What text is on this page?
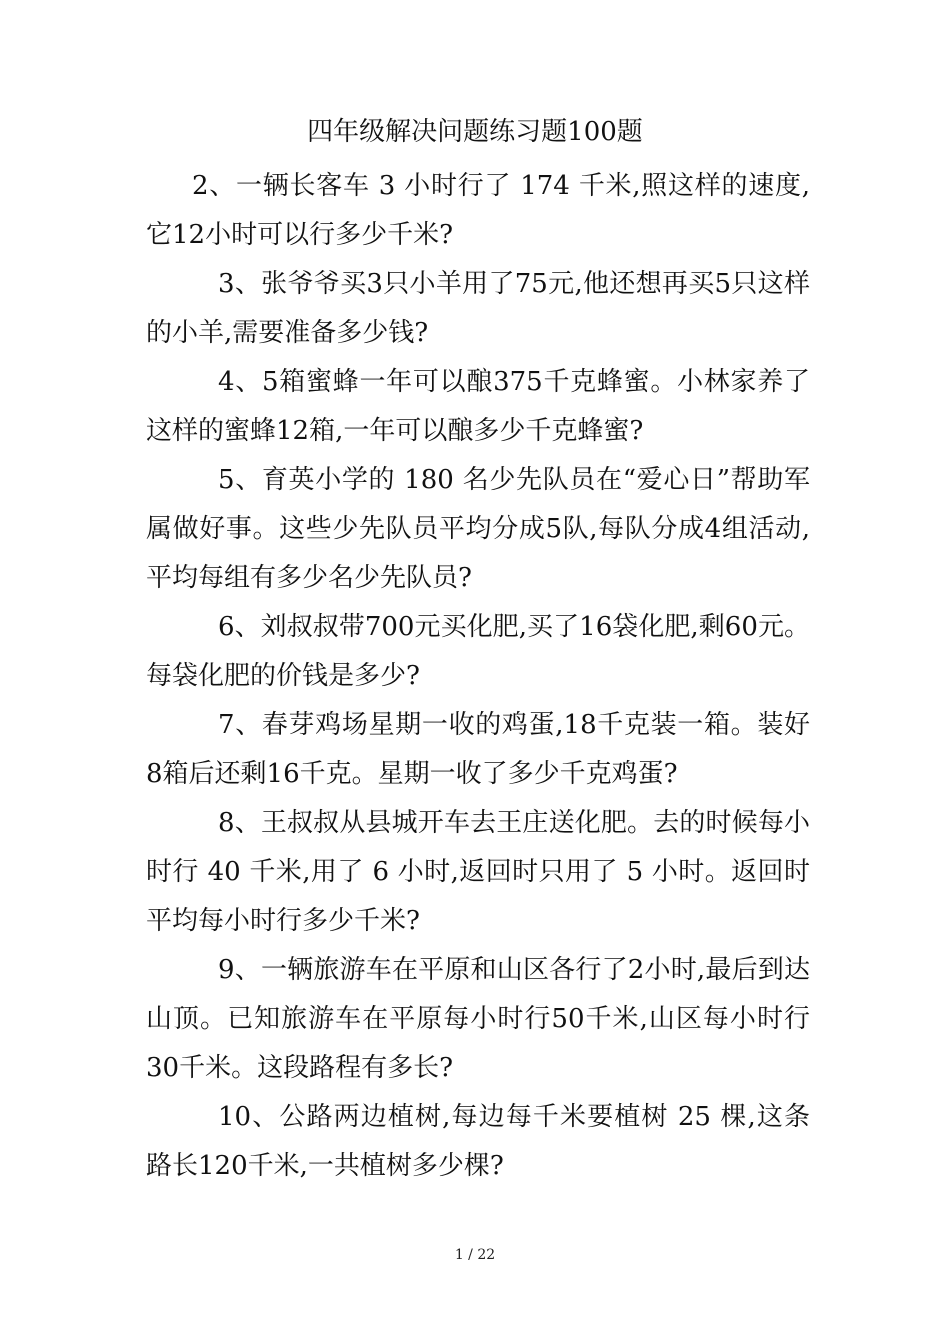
四年级解决问题练习题100题

2、一辆长客车 3 小时行了 174 千米,照这样的速度,它12小时可以行多少千米?

3、张爷爷买3只小羊用了75元,他还想再买5只这样的小羊,需要准备多少钱?

4、5箱蜜蜂一年可以酿375千克蜂蜜。小林家养了这样的蜜蜂12箱,一年可以酿多少千克蜂蜜?

5、育英小学的 180 名少先队员在“爱心日”帮助军属做好事。这些少先队员平均分成5队,每队分成4组活动,平均每组有多少名少先队员?

6、刘叔叔带700元买化肥,买了16袋化肥,剩60元。每袋化肥的价钱是多少?

7、春芽鸡场星期一收的鸡蛋,18千克装一箱。装好8箱后还剩16千克。星期一收了多少千克鸡蛋?

8、王叔叔从县城开车去王庄送化肥。去的时候每小时行 40 千米,用了 6 小时,返回时只用了 5 小时。返回时平均每小时行多少千米?

9、一辆旅游车在平原和山区各行了2小时,最后到达山顶。已知旅游车在平原每小时行50千米,山区每小时行30千米。这段路程有多长?

10、公路两边植树,每边每千米要植树 25 棵,这条路长120千米,一共植树多少棵?

1 / 22
